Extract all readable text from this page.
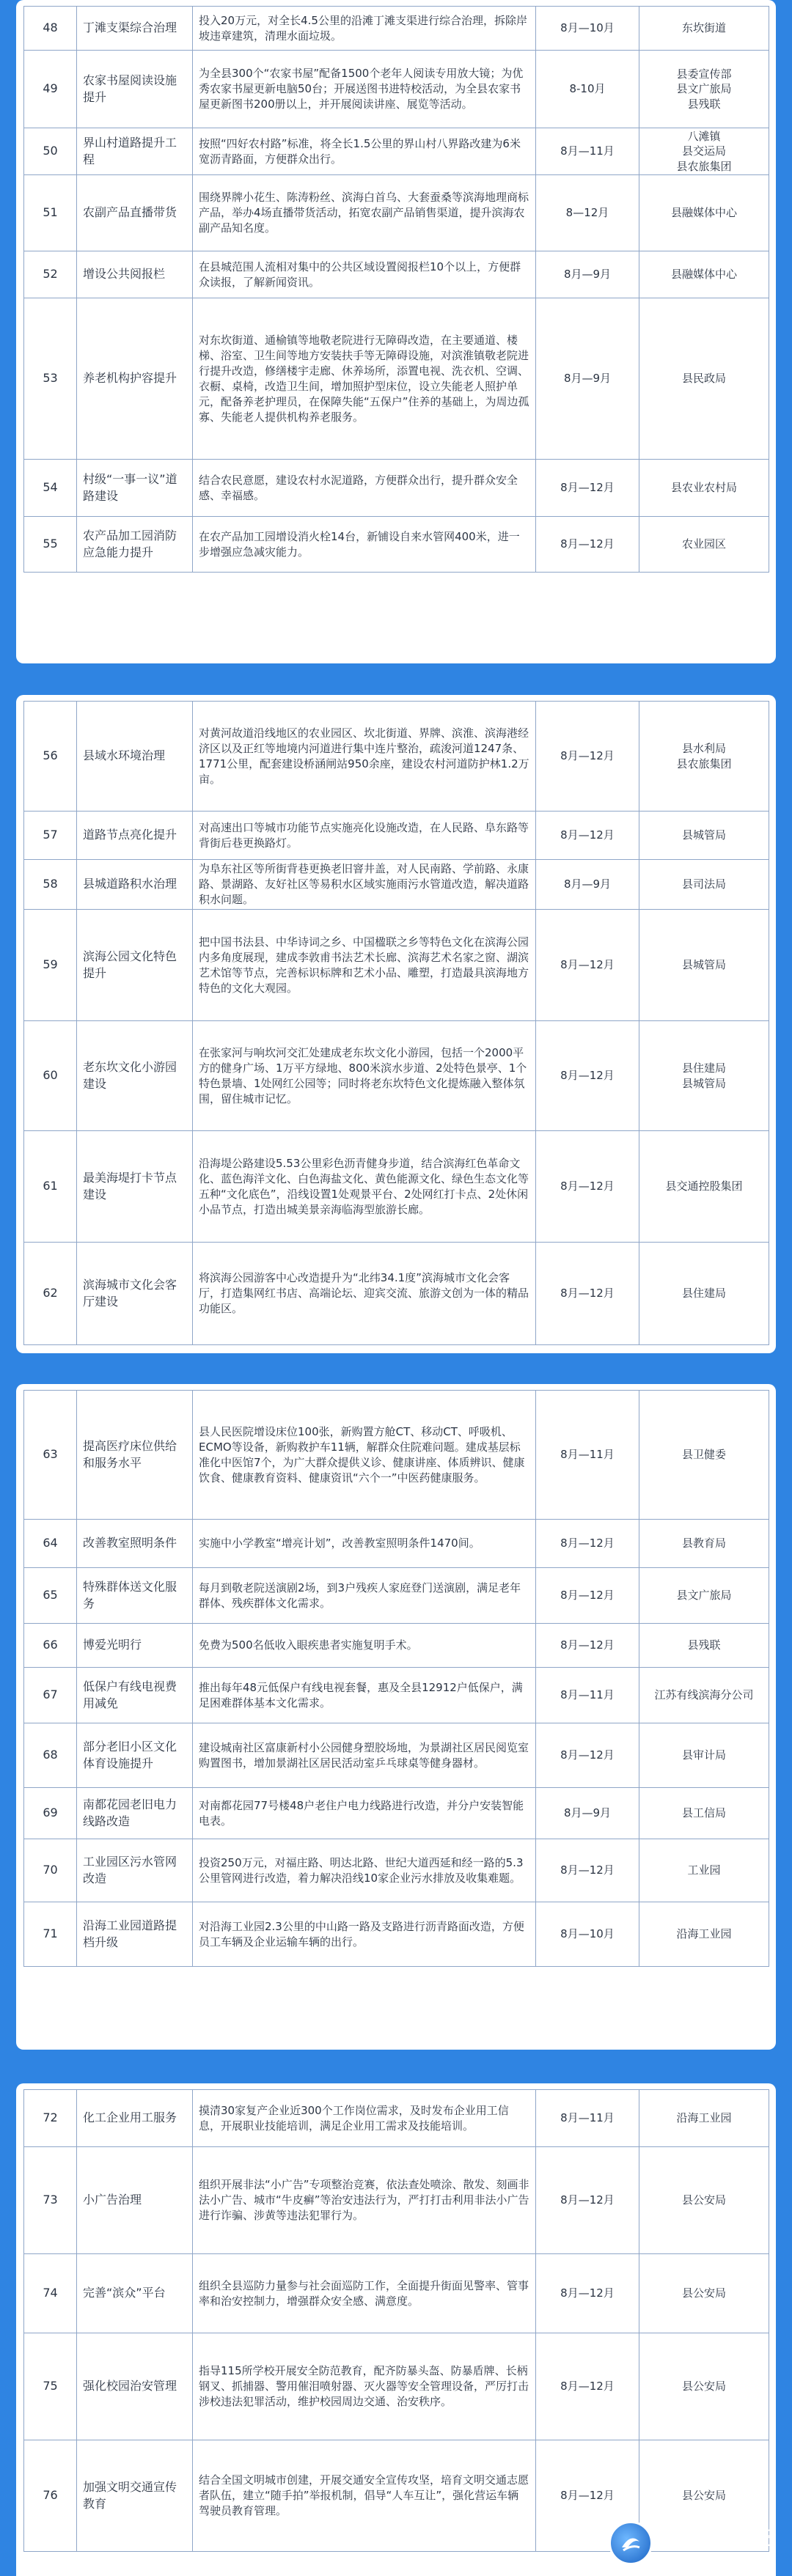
48	丁滩支渠综合治理	投入20万元，对全长4.5公里的沿滩丁滩支渠进行综合治理，拆除岸坡违章建筑，清理水面垃圾。	8月—10月	东坎街道

49	农家书屋阅读设施提升	为全县300个“农家书屋”配备1500个老年人阅读专用放大镜；为优秀农家书屋更新电脑50台；开展送图书进特校活动，为全县农家书屋更新图书200册以上，并开展阅读讲座、展览等活动。	8-10月	县委宣传部
县文广旅局
县残联

50	界山村道路提升工程	按照“四好农村路”标准，将全长1.5公里的界山村八界路改建为6米宽沥青路面，方便群众出行。	8月—11月	八滩镇
县交运局
县农旅集团

51	农副产品直播带货	围绕界牌小花生、陈涛粉丝、滨海白首乌、大套蚕桑等滨海地理商标产品，举办4场直播带货活动，拓宽农副产品销售渠道，提升滨海农副产品知名度。	8—12月	县融媒体中心

52	增设公共阅报栏	在县城范围人流相对集中的公共区域设置阅报栏10个以上，方便群众读报，了解新闻资讯。	8月—9月	县融媒体中心

53	养老机构护容提升	对东坎街道、通榆镇等地敬老院进行无障碍改造，在主要通道、楼梯、浴室、卫生间等地方安装扶手等无障碍设施，对滨淮镇敬老院进行提升改造，修缮楼宇走廊、休养场所，添置电视、洗衣机、空调、衣橱、桌椅，改造卫生间，增加照护型床位，设立失能老人照护单元，配备养老护理员，在保障失能“五保户”住养的基础上，为周边孤寡、失能老人提供机构养老服务。	8月—9月	县民政局

54	村级“一事一议”道路建设	结合农民意愿，建设农村水泥道路，方便群众出行，提升群众安全感、幸福感。	8月—12月	县农业农村局

55	农产品加工园消防应急能力提升	在农产品加工园增设消火栓14台，新铺设自来水管网400米，进一步增强应急减灾能力。	8月—12月	农业园区
56	县域水环境治理	对黄河故道沿线地区的农业园区、坎北街道、界牌、滨淮、滨海港经济区以及正红等地境内河道进行集中连片整治，疏浚河道1247条、1771公里，配套建设桥涵闸站950余座，建设农村河道防护林1.2万亩。	8月—12月	县水利局
县农旅集团

57	道路节点亮化提升	对高速出口等城市功能节点实施亮化设施改造，在人民路、阜东路等背街后巷更换路灯。	8月—12月	县城管局

58	县城道路积水治理	为阜东社区等所街背巷更换老旧窨井盖，对人民南路、学前路、永康路、景湖路、友好社区等易积水区域实施雨污水管道改造，解决道路积水问题。	8月—9月	县司法局

59	滨海公园文化特色提升	把中国书法县、中华诗词之乡、中国楹联之乡等特色文化在滨海公园内多角度展现，建成李敦甫书法艺术长廊、滨海艺术名家之窗、湖滨艺术馆等节点，完善标识标牌和艺术小品、雕塑，打造最具滨海地方特色的文化大观园。	8月—12月	县城管局

60	老东坎文化小游园建设	在张家河与响坎河交汇处建成老东坎文化小游园，包括一个2000平方的健身广场、1万平方绿地、800米滨水步道、2处特色景亭、1个特色景墙、1处网红公园等；同时将老东坎特色文化提炼融入整体氛围，留住城市记忆。	8月—12月	县住建局
县城管局

61	最美海堤打卡节点建设	沿海堤公路建设5.53公里彩色沥青健身步道，结合滨海红色革命文化、蓝色海洋文化、白色海盐文化、黄色能源文化、绿色生态文化等五种“文化底色”，沿线设置1处观景平台、2处网红打卡点、2处休闲小品节点，打造出城美景亲海临海型旅游长廊。	8月—12月	县交通控股集团

62	滨海城市文化会客厅建设	将滨海公园游客中心改造提升为“北纬34.1度”滨海城市文化会客厅，打造集网红书店、高端论坛、迎宾交流、旅游文创为一体的精品功能区。	8月—12月	县住建局
63	提高医疗床位供给和服务水平	县人民医院增设床位100张，新购置方舱CT、移动CT、呼吸机、ECMO等设备，新购救护车11辆，解群众住院难问题。建成基层标准化中医馆7个，为广大群众提供义诊、健康讲座、体质辨识、健康饮食、健康教育资料、健康资讯“六个一”中医药健康服务。	8月—11月	县卫健委

64	改善教室照明条件	实施中小学教室“增亮计划”，改善教室照明条件1470间。	8月—12月	县教育局

65	特殊群体送文化服务	每月到敬老院送演剧2场，到3户残疾人家庭登门送演剧，满足老年群体、残疾群体文化需求。	8月—12月	县文广旅局

66	博爱光明行	免费为500名低收入眼疾患者实施复明手术。	8月—12月	县残联

67	低保户有线电视费用减免	推出每年48元低保户有线电视套餐，惠及全县12912户低保户，满足困难群体基本文化需求。	8月—11月	江苏有线滨海分公司

68	部分老旧小区文化体育设施提升	建设城南社区富康新村小公园健身塑胶场地，为景湖社区居民阅览室购置图书，增加景湖社区居民活动室乒乓球桌等健身器材。	8月—12月	县审计局

69	南都花园老旧电力线路改造	对南都花园77号楼48户老住户电力线路进行改造，并分户安装智能电表。	8月—9月	县工信局

70	工业园区污水管网改造	投资250万元，对福庄路、明达北路、世纪大道西延和经一路的5.3公里管网进行改造，着力解决沿线10家企业污水排放及收集难题。	8月—12月	工业园

71	沿海工业园道路提档升级	对沿海工业园2.3公里的中山路一路及支路进行沥青路面改造，方便员工车辆及企业运输车辆的出行。	8月—10月	沿海工业园
72	化工企业用工服务	摸清30家复产企业近300个工作岗位需求，及时发布企业用工信息，开展职业技能培训，满足企业用工需求及技能培训。	8月—11月	沿海工业园

73	小广告治理	组织开展非法“小广告”专项整治竞赛，依法查处喷涂、散发、刻画非法小广告、城市“牛皮癣”等治安违法行为，严打打击利用非法小广告进行诈骗、涉黄等违法犯罪行为。	8月—12月	县公安局

74	完善“滨众”平台	组织全县巡防力量参与社会面巡防工作，全面提升街面见警率、管事率和治安控制力，增强群众安全感、满意度。	8月—12月	县公安局

75	强化校园治安管理	指导115所学校开展安全防范教育，配齐防暴头盔、防暴盾牌、长柄钢叉、抓捕器、警用催泪喷射器、灭火器等安全管理设备，严厉打击涉校违法犯罪活动，维护校园周边交通、治安秩序。	8月—12月	县公安局

76	加强文明交通宣传教育	结合全国文明城市创建，开展交通安全宣传攻坚，培育文明交通志愿者队伍，建立“随手拍”举报机制，倡导“人车互让”，强化营运车辆驾驶员教育管理。	8月—12月	县公安局
新滨海论坛
www.xbhwang.com
